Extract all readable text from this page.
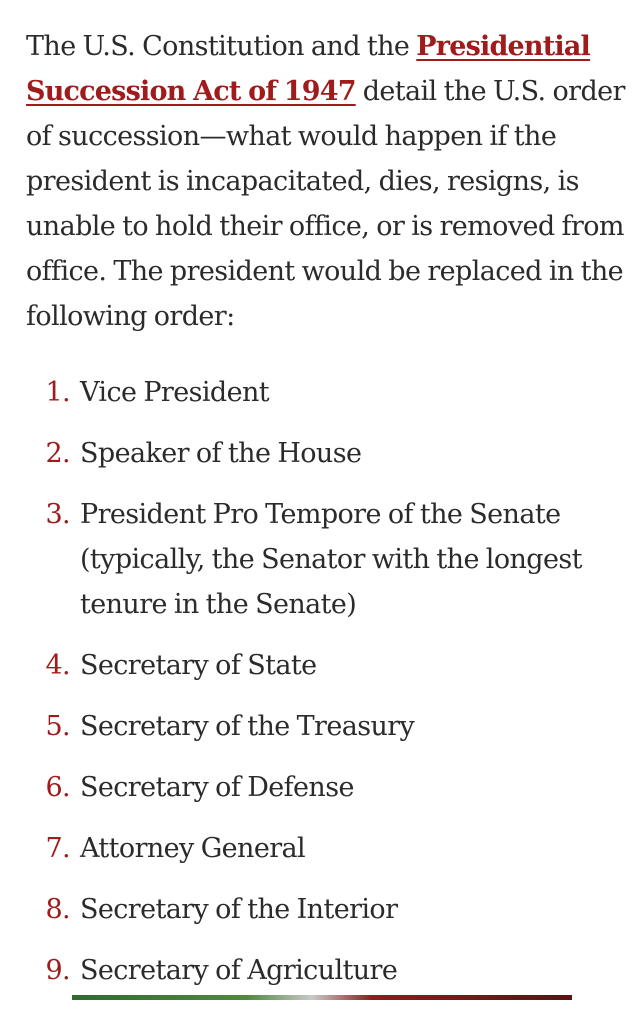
The U.S. Constitution and the Presidential Succession Act of 1947 detail the U.S. order of succession—what would happen if the president is incapacitated, dies, resigns, is unable to hold their office, or is removed from office. The president would be replaced in the following order:

1. Vice President
2. Speaker of the House
3. President Pro Tempore of the Senate (typically, the Senator with the longest tenure in the Senate)
4. Secretary of State
5. Secretary of the Treasury
6. Secretary of Defense
7. Attorney General
8. Secretary of the Interior
9. Secretary of Agriculture
